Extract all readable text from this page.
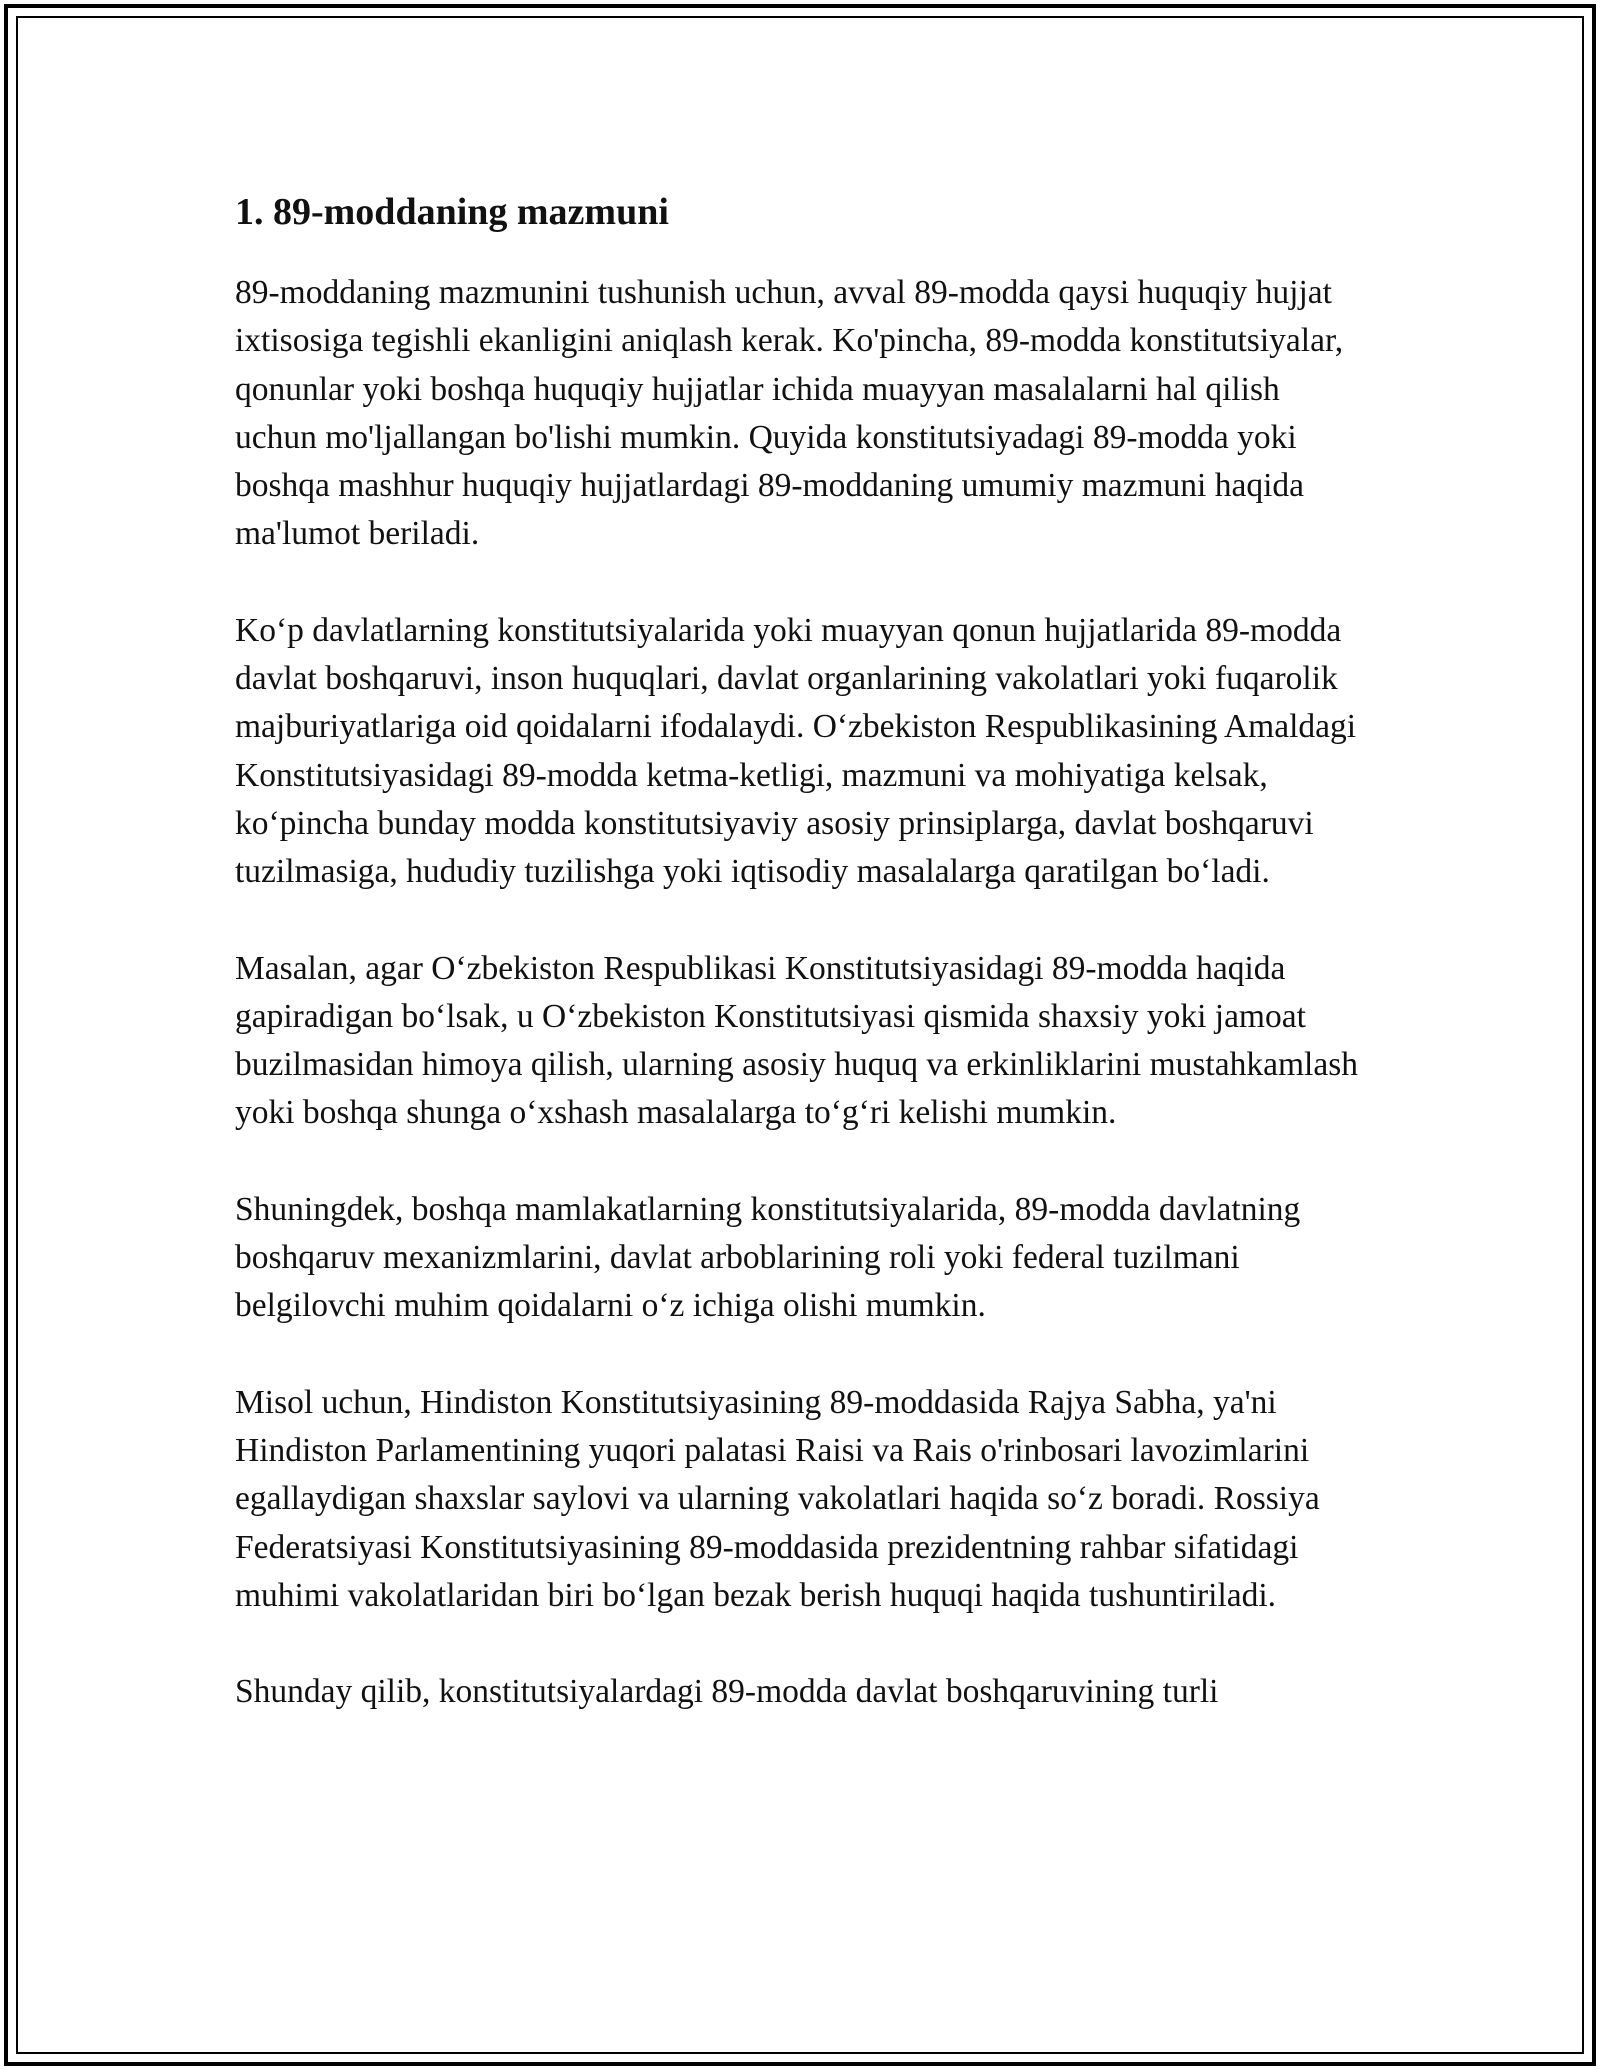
1. 89-moddaning mazmuni

89-moddaning mazmunini tushunish uchun, avval 89-modda qaysi huquqiy hujjat ixtisosiga tegishli ekanligini aniqlash kerak. Ko'pincha, 89-modda konstitutsiyalar, qonunlar yoki boshqa huquqiy hujjatlar ichida muayyan masalalarni hal qilish uchun mo'ljallangan bo'lishi mumkin. Quyida konstitutsiyadagi 89-modda yoki boshqa mashhur huquqiy hujjatlardagi 89-moddaning umumiy mazmuni haqida ma'lumot beriladi.

Ko‘p davlatlarning konstitutsiyalarida yoki muayyan qonun hujjatlarida 89-modda davlat boshqaruvi, inson huquqlari, davlat organlarining vakolatlari yoki fuqarolik majburiyatlariga oid qoidalarni ifodalaydi. O‘zbekiston Respublikasining Amaldagi Konstitutsiyasidagi 89-modda ketma-ketligi, mazmuni va mohiyatiga kelsak, ko‘pincha bunday modda konstitutsiyaviy asosiy prinsiplarga, davlat boshqaruvi tuzilmasiga, hududiy tuzilishga yoki iqtisodiy masalalarga qaratilgan bo‘ladi.

Masalan, agar O‘zbekiston Respublikasi Konstitutsiyasidagi 89-modda haqida gapiradigan bo‘lsak, u O‘zbekiston Konstitutsiyasi qismida shaxsiy yoki jamoat buzilmasidan himoya qilish, ularning asosiy huquq va erkinliklarini mustahkamlash yoki boshqa shunga o‘xshash masalalarga to‘g‘ri kelishi mumkin.

Shuningdek, boshqa mamlakatlarning konstitutsiyalarida, 89-modda davlatning boshqaruv mexanizmlarini, davlat arboblarining roli yoki federal tuzilmani belgilovchi muhim qoidalarni o‘z ichiga olishi mumkin.

Misol uchun, Hindiston Konstitutsiyasining 89-moddasida Rajya Sabha, ya'ni Hindiston Parlamentining yuqori palatasi Raisi va Rais o'rinbosari lavozimlarini egallaydigan shaxslar saylovi va ularning vakolatlari haqida so‘z boradi. Rossiya Federatsiyasi Konstitutsiyasining 89-moddasida prezidentning rahbar sifatidagi muhimi vakolatlaridan biri bo‘lgan bezak berish huquqi haqida tushuntiriladi.

Shunday qilib, konstitutsiyalardagi 89-modda davlat boshqaruvining turli
